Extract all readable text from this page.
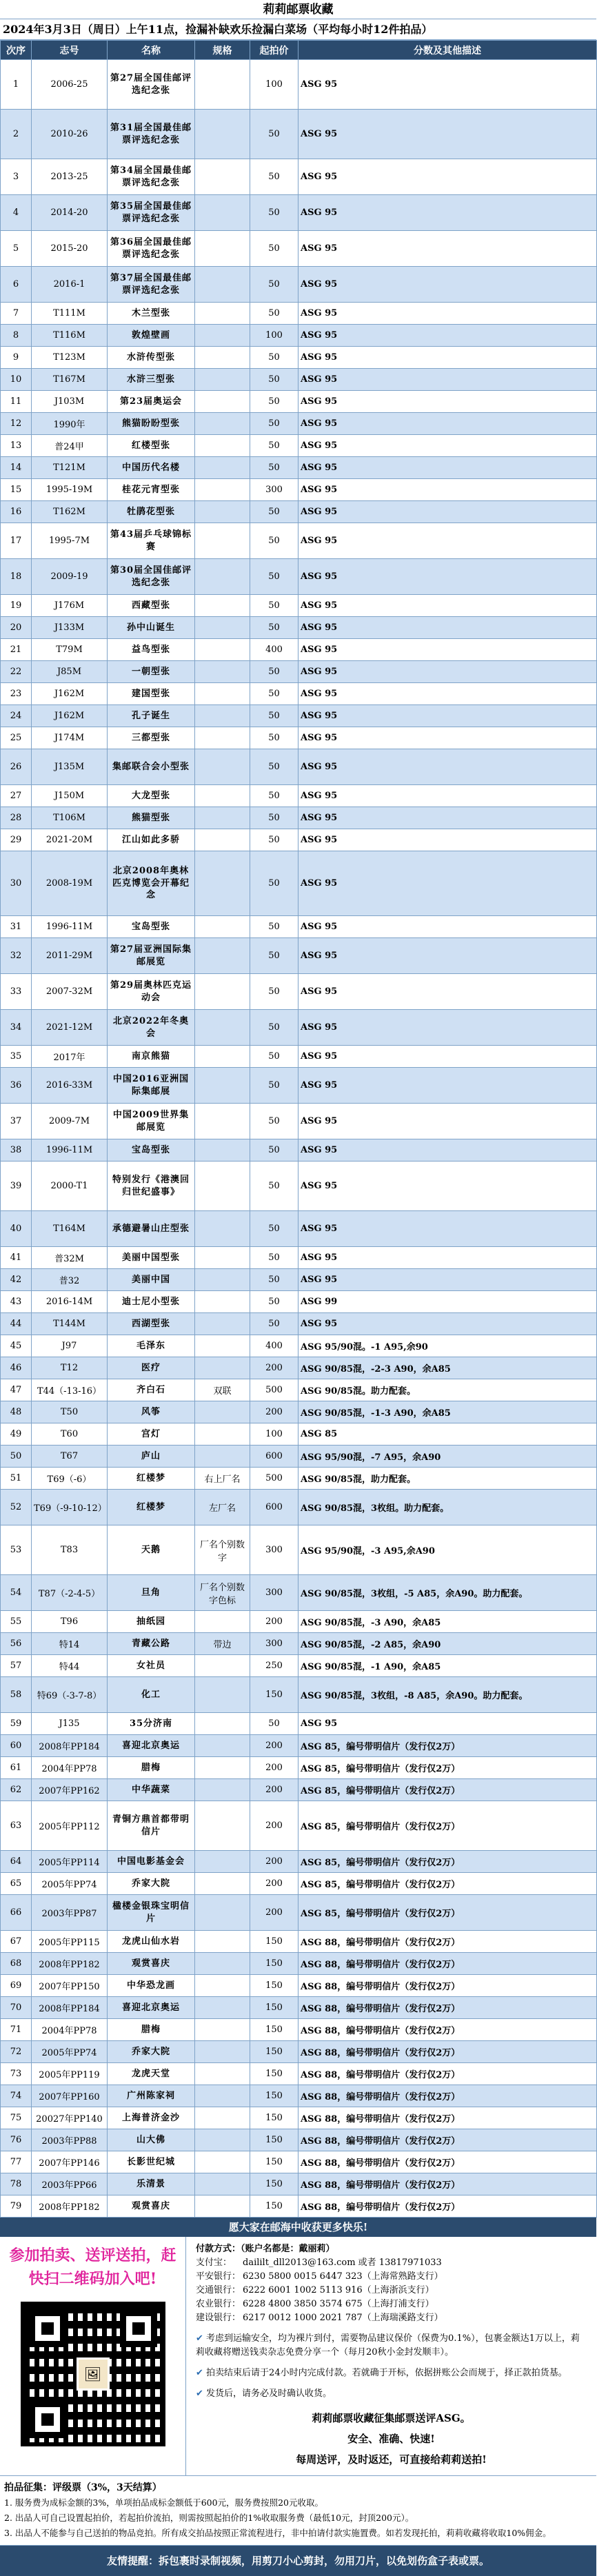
莉莉邮票收藏
2024年3月3日（周日）上午11点，捡漏补缺欢乐捡漏白菜场（平均每小时12件拍品）
次序	志号	名称	规格	起拍价	分数及其他描述
1	2006-25	第27届全国佳邮评选纪念张		100	ASG 95
2	2010-26	第31届全国最佳邮票评选纪念张		50	ASG 95
3	2013-25	第34届全国最佳邮票评选纪念张		50	ASG 95
4	2014-20	第35届全国最佳邮票评选纪念张		50	ASG 95
5	2015-20	第36届全国最佳邮票评选纪念张		50	ASG 95
6	2016-1	第37届全国最佳邮票评选纪念张		50	ASG 95
7	T111M	木兰型张		50	ASG 95
8	T116M	敦煌壁画		100	ASG 95
9	T123M	水浒传型张		50	ASG 95
10	T167M	水浒三型张		50	ASG 95
11	J103M	第23届奥运会		50	ASG 95
12	1990年	熊猫盼盼型张		50	ASG 95
13	普24甲	红楼型张		50	ASG 95
14	T121M	中国历代名楼		50	ASG 95
15	1995-19M	桂花元宵型张		300	ASG 95
16	T162M	牡鹃花型张		50	ASG 95
17	1995-7M	第43届乒乓球锦标赛		50	ASG 95
18	2009-19	第30届全国佳邮评选纪念张		50	ASG 95
19	J176M	西藏型张		50	ASG 95
20	J133M	孙中山诞生		50	ASG 95
21	T79M	益鸟型张		400	ASG 95
22	J85M	一朝型张		50	ASG 95
23	J162M	建国型张		50	ASG 95
24	J162M	孔子诞生		50	ASG 95
25	J174M	三都型张		50	ASG 95
26	J135M	集邮联合会小型张		50	ASG 95
27	J150M	大龙型张		50	ASG 95
28	T106M	熊猫型张		50	ASG 95
29	2021-20M	江山如此多骄		50	ASG 95
30	2008-19M	北京2008年奥林匹克博览会开幕纪念		50	ASG 95
31	1996-11M	宝岛型张		50	ASG 95
32	2011-29M	第27届亚洲国际集邮展览		50	ASG 95
33	2007-32M	第29届奥林匹克运动会		50	ASG 95
34	2021-12M	北京2022年冬奥会		50	ASG 95
35	2017年	南京熊猫		50	ASG 95
36	2016-33M	中国2016亚洲国际集邮展		50	ASG 95
37	2009-7M	中国2009世界集邮展览		50	ASG 95
38	1996-11M	宝岛型张		50	ASG 95
39	2000-T1	特别发行《港澳回归世纪盛事》		50	ASG 95
40	T164M	承德避暑山庄型张		50	ASG 95
41	普32M	美丽中国型张		50	ASG 95
42	普32	美丽中国		50	ASG 95
43	2016-14M	迪士尼小型张		50	ASG 99
44	T144M	西湖型张		50	ASG 95
45	J97	毛泽东		400	ASG 95/90混。-1 A95,余90
46	T12	医疗		200	ASG 90/85混，-2-3 A90，余A85
47	T44（-13-16）	齐白石	双联	500	ASG 90/85混。助力配套。
48	T50	风筝		200	ASG 90/85混，-1-3 A90，余A85
49	T60	宫灯		100	ASG 85
50	T67	庐山		600	ASG 95/90混，-7 A95，余A90
51	T69（-6）	红楼梦	右上厂名	500	ASG 90/85混，助力配套。
52	T69（-9-10-12）	红楼梦	左厂名	600	ASG 90/85混，3枚组。助力配套。
53	T83	天鹅	厂名个别数字	300	ASG 95/90混，-3 A95,余A90
54	T87（-2-4-5）	旦角	厂名个别数字色标	300	ASG 90/85混，3枚组，-5 A85，余A90。助力配套。
55	T96	抽纸园		200	ASG 90/85混，-3 A90，余A85
56	特14	青藏公路	带边	300	ASG 90/85混，-2 A85，余A90
57	特44	女社员		250	ASG 90/85混，-1 A90，余A85
58	特69（-3-7-8）	化工		150	ASG 90/85混，3枚组，-8 A85，余A90。助力配套。
59	J135	35分济南		50	ASG 95
60	2008年PP184	喜迎北京奥运		200	ASG 85，编号带明信片（发行仅2万）
61	2004年PP78	腊梅		200	ASG 85，编号带明信片（发行仅2万）
62	2007年PP162	中华蔬菜		200	ASG 85，编号带明信片（发行仅2万）
63	2005年PP112	青铜方鼎首都带明信片		200	ASG 85，编号带明信片（发行仅2万）
64	2005年PP114	中国电影基金会		200	ASG 85，编号带明信片（发行仅2万）
65	2005年PP74	乔家大院		200	ASG 85，编号带明信片（发行仅2万）
66	2003年PP87	楹楼金银珠宝明信片		200	ASG 85，编号带明信片（发行仅2万）
67	2005年PP115	龙虎山仙水岩		150	ASG 88，编号带明信片（发行仅2万）
68	2008年PP182	观赏喜庆		150	ASG 88，编号带明信片（发行仅2万）
69	2007年PP150	中华恐龙画		150	ASG 88，编号带明信片（发行仅2万）
70	2008年PP184	喜迎北京奥运		150	ASG 88，编号带明信片（发行仅2万）
71	2004年PP78	腊梅		150	ASG 88，编号带明信片（发行仅2万）
72	2005年PP74	乔家大院		150	ASG 88，编号带明信片（发行仅2万）
73	2005年PP119	龙虎天堂		150	ASG 88，编号带明信片（发行仅2万）
74	2007年PP160	广州陈家祠		150	ASG 88，编号带明信片（发行仅2万）
75	20027年PP140	上海普济金沙		150	ASG 88，编号带明信片（发行仅2万）
76	2003年PP88	山大佛		150	ASG 88，编号带明信片（发行仅2万）
77	2007年PP146	长影世纪城		150	ASG 88，编号带明信片（发行仅2万）
78	2003年PP66	乐清景		150	ASG 88，编号带明信片（发行仅2万）
79	2008年PP182	观赏喜庆		150	ASG 88，编号带明信片（发行仅2万）
愿大家在邮海中收获更多快乐!
参加拍卖、送评送拍，赶快扫二维码加入吧!
🖼
付款方式：（账户名都是：戴丽莉）
支付宝：	daililt_dll2013@163.com 或者 13817971033
平安银行： 6230 5800 0015 6447 323（上海常熟路支行）
交通银行： 6222 6001 1002 5113 916（上海浙浜支行）
农业银行： 6228 4800 3850 3574 675（上海打浦支行）
建设银行： 6217 0012 1000 2021 787（上海瑞溪路支行）
✔ 考虑到运输安全，均为裸片到付，需要物品建议保价（保费为0.1%），包裹金额达1万以上，莉莉收藏将赠送钱卖杂志免费分享一个（每月20秋小金封发顺丰）。
✔ 拍卖结束后请于24小时内完成付款。若就确于开标，依据拼账公会而规于，择正款拍货基。
✔ 发货后，请务必及时确认收货。
莉莉邮票收藏征集邮票送评ASG。
安全、准确、快速!
每周送评，及时返还，可直接给莉莉送拍!
拍品征集：评级票（3%，3天结算）
1. 服务费为成标金额的3%，单项拍品成标金额低于600元，服务费按照20元收取。
2. 出品人可自己设置起拍价，若起拍价流拍，则需按照起拍价的1%收取服务费（最低10元，封顶200元）。
3. 出品人不能参与自己送拍的物品竞拍。所有成交拍品按照正常流程进行，非中拍请付款实施置费。如若发现托拍，莉莉收藏将收取10%佣金。
友情提醒：拆包裹时录制视频，用剪刀小心剪封，勿用刀片，以免划伤盒子表或票。
